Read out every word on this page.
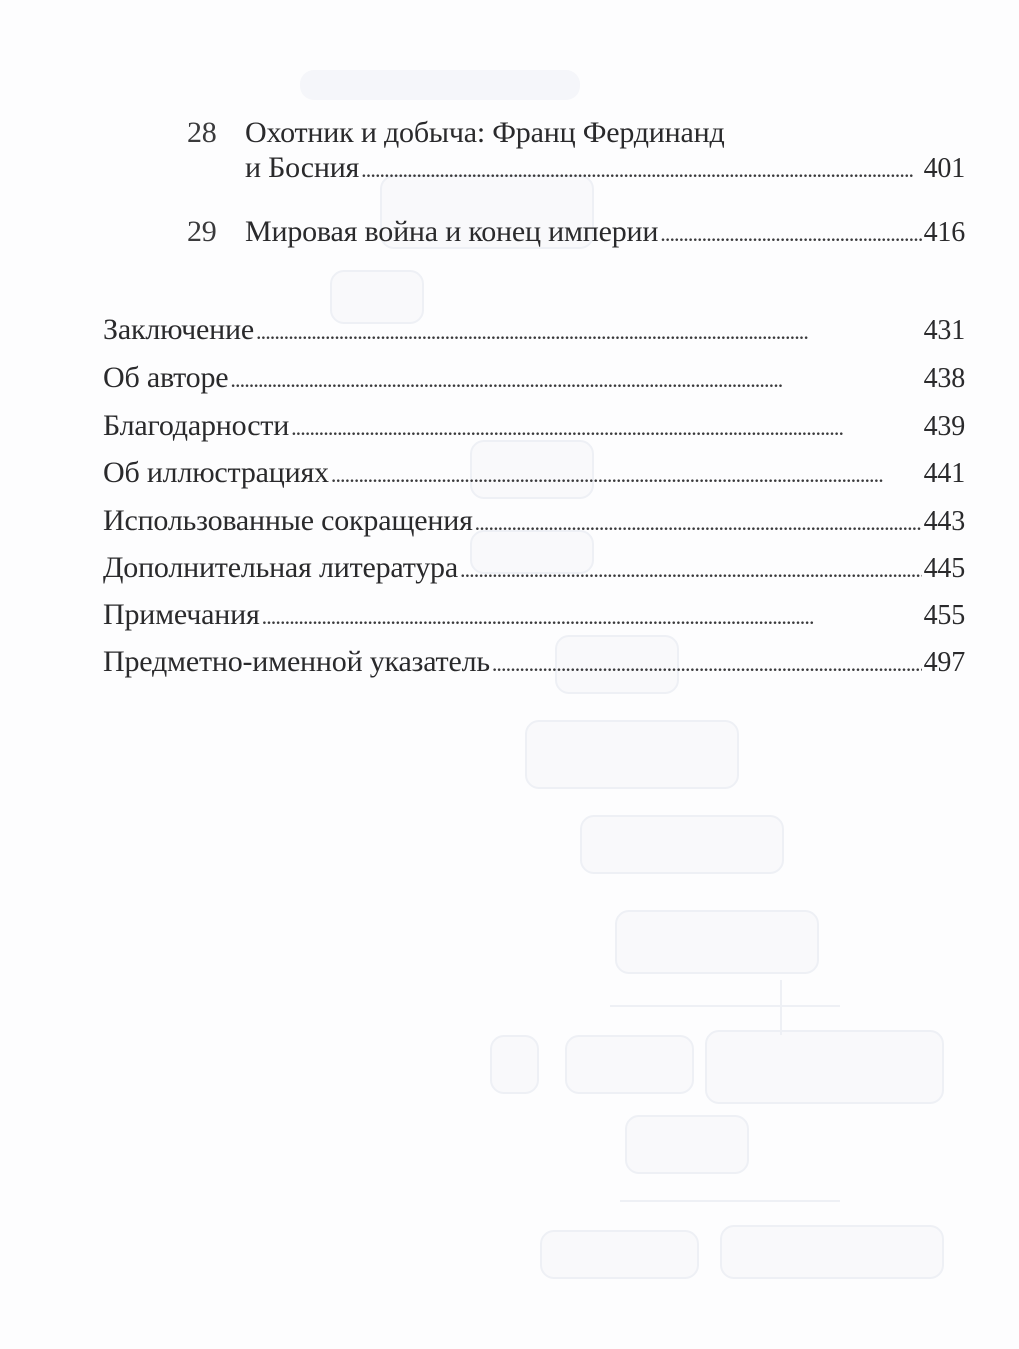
28 Охотник и добыча: Франц Фердинанд
и Босния . . .	401
29 Мировая война и конец империи . . .	416
Заключение . . .	431
Об авторе . . .	438
Благодарности . . .	439
Об иллюстрациях . . .	441
Использованные сокращения . . .	443
Дополнительная литература . . .	445
Примечания . . .	455
Предметно-именной указатель . . .	497
